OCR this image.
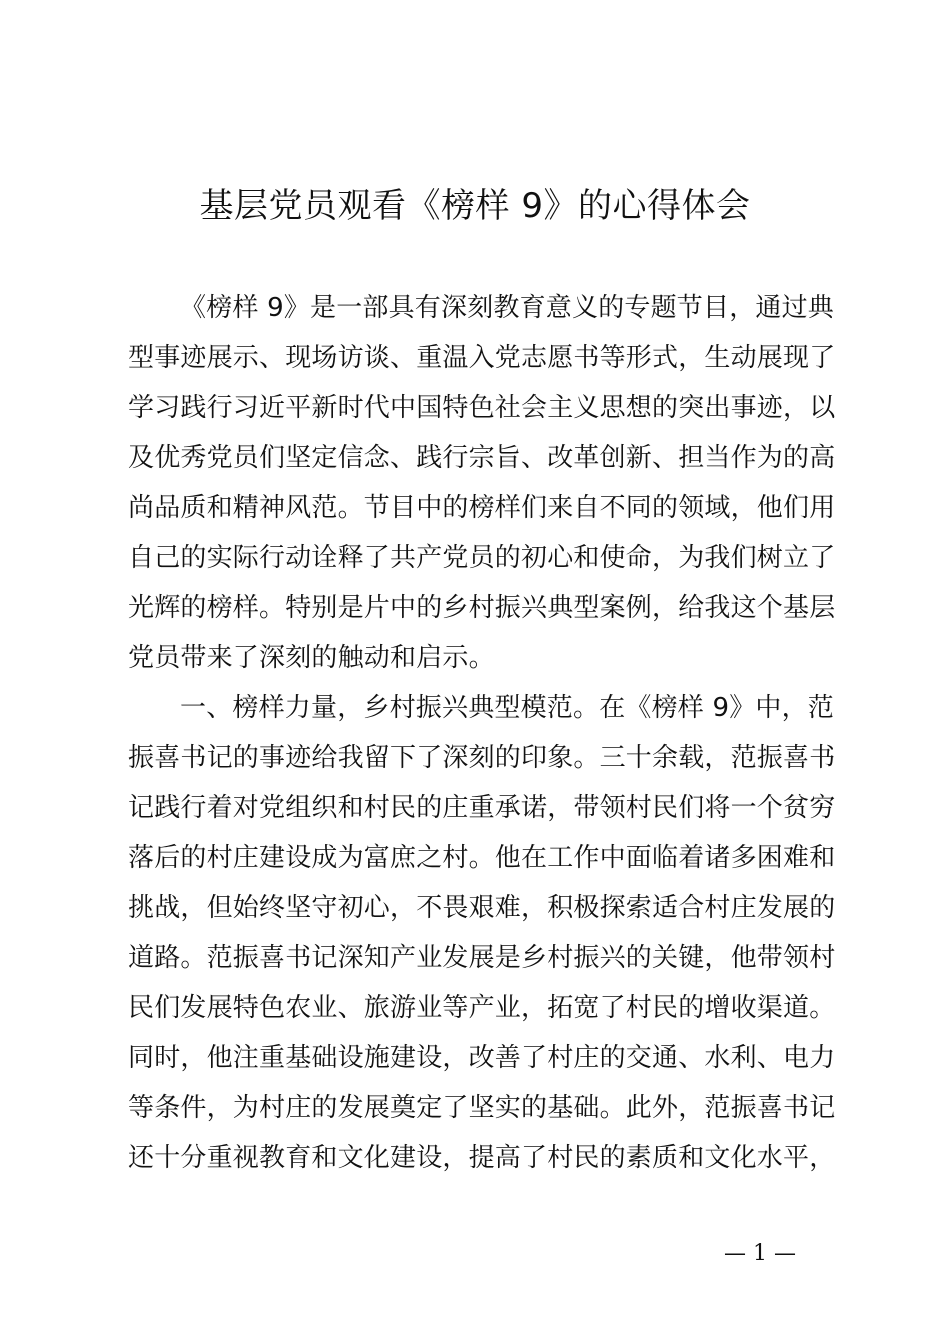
基层党员观看《榜样 9》的心得体会
《榜样 9》是一部具有深刻教育意义的专题节目，通过典
型事迹展示、现场访谈、重温入党志愿书等形式，生动展现了
学习践行习近平新时代中国特色社会主义思想的突出事迹，以
及优秀党员们坚定信念、践行宗旨、改革创新、担当作为的高
尚品质和精神风范。节目中的榜样们来自不同的领域，他们用
自己的实际行动诠释了共产党员的初心和使命，为我们树立了
光辉的榜样。特别是片中的乡村振兴典型案例，给我这个基层
党员带来了深刻的触动和启示。
一、榜样力量，乡村振兴典型模范。在《榜样 9》中，范
振喜书记的事迹给我留下了深刻的印象。三十余载，范振喜书
记践行着对党组织和村民的庄重承诺，带领村民们将一个贫穷
落后的村庄建设成为富庶之村。他在工作中面临着诸多困难和
挑战，但始终坚守初心，不畏艰难，积极探索适合村庄发展的
道路。范振喜书记深知产业发展是乡村振兴的关键，他带领村
民们发展特色农业、旅游业等产业，拓宽了村民的增收渠道。
同时，他注重基础设施建设，改善了村庄的交通、水利、电力
等条件，为村庄的发展奠定了坚实的基础。此外，范振喜书记
还十分重视教育和文化建设，提高了村民的素质和文化水平，
— 1 —
